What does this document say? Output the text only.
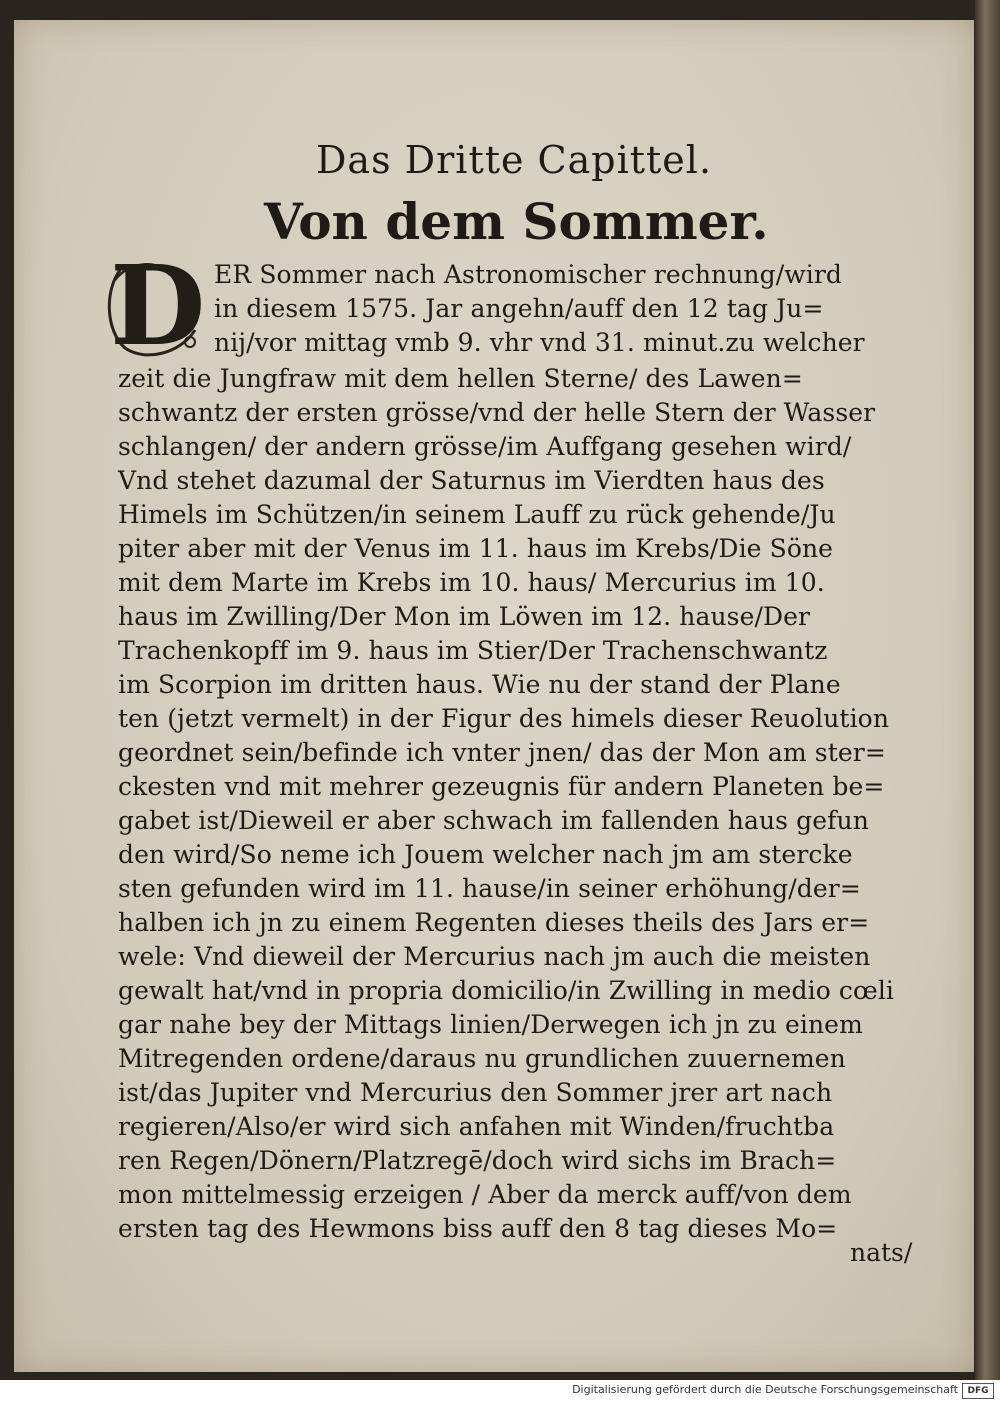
Das Dritte Capittel.
Von dem Sommer.
D ER Sommer nach Astronomischer rechnung/wird
in diesem 1575. Jar angehn/auff den 12 tag Ju=
nij/vor mittag vmb 9. vhr vnd 31. minut.zu welcher
zeit die Jungfraw mit dem hellen Sterne/ des Lawen=
schwantz der ersten grösse/vnd der helle Stern der Wasser
schlangen/ der andern grösse/im Auffgang gesehen wird/
Vnd stehet dazumal der Saturnus im Vierdten haus des
Himels im Schützen/in seinem Lauff zu rück gehende/Ju
piter aber mit der Venus im 11. haus im Krebs/Die Söne
mit dem Marte im Krebs im 10. haus/ Mercurius im 10.
haus im Zwilling/Der Mon im Löwen im 12. hause/Der
Trachenkopff im 9. haus im Stier/Der Trachenschwantz
im Scorpion im dritten haus. Wie nu der stand der Plane
ten (jetzt vermelt) in der Figur des himels dieser Reuolution
geordnet sein/befinde ich vnter jnen/ das der Mon am ster=
ckesten vnd mit mehrer gezeugnis für andern Planeten be=
gabet ist/Dieweil er aber schwach im fallenden haus gefun
den wird/So neme ich Jouem welcher nach jm am stercke
sten gefunden wird im 11. hause/in seiner erhöhung/der=
halben ich jn zu einem Regenten dieses theils des Jars er=
wele: Vnd dieweil der Mercurius nach jm auch die meisten
gewalt hat/vnd in propria domicilio/in Zwilling in medio cœli
gar nahe bey der Mittags linien/Derwegen ich jn zu einem
Mitregenden ordene/daraus nu grundlichen zuuernemen
ist/das Jupiter vnd Mercurius den Sommer jrer art nach
regieren/Also/er wird sich anfahen mit Winden/fruchtba
ren Regen/Dönern/Platzregē/doch wird sichs im Brach=
mon mittelmessig erzeigen / Aber da merck auff/von dem
ersten tag des Hewmons biss auff den 8 tag dieses Mo=
nats/
Digitalisierung gefördert durch die Deutsche Forschungsgemeinschaft	DFG
